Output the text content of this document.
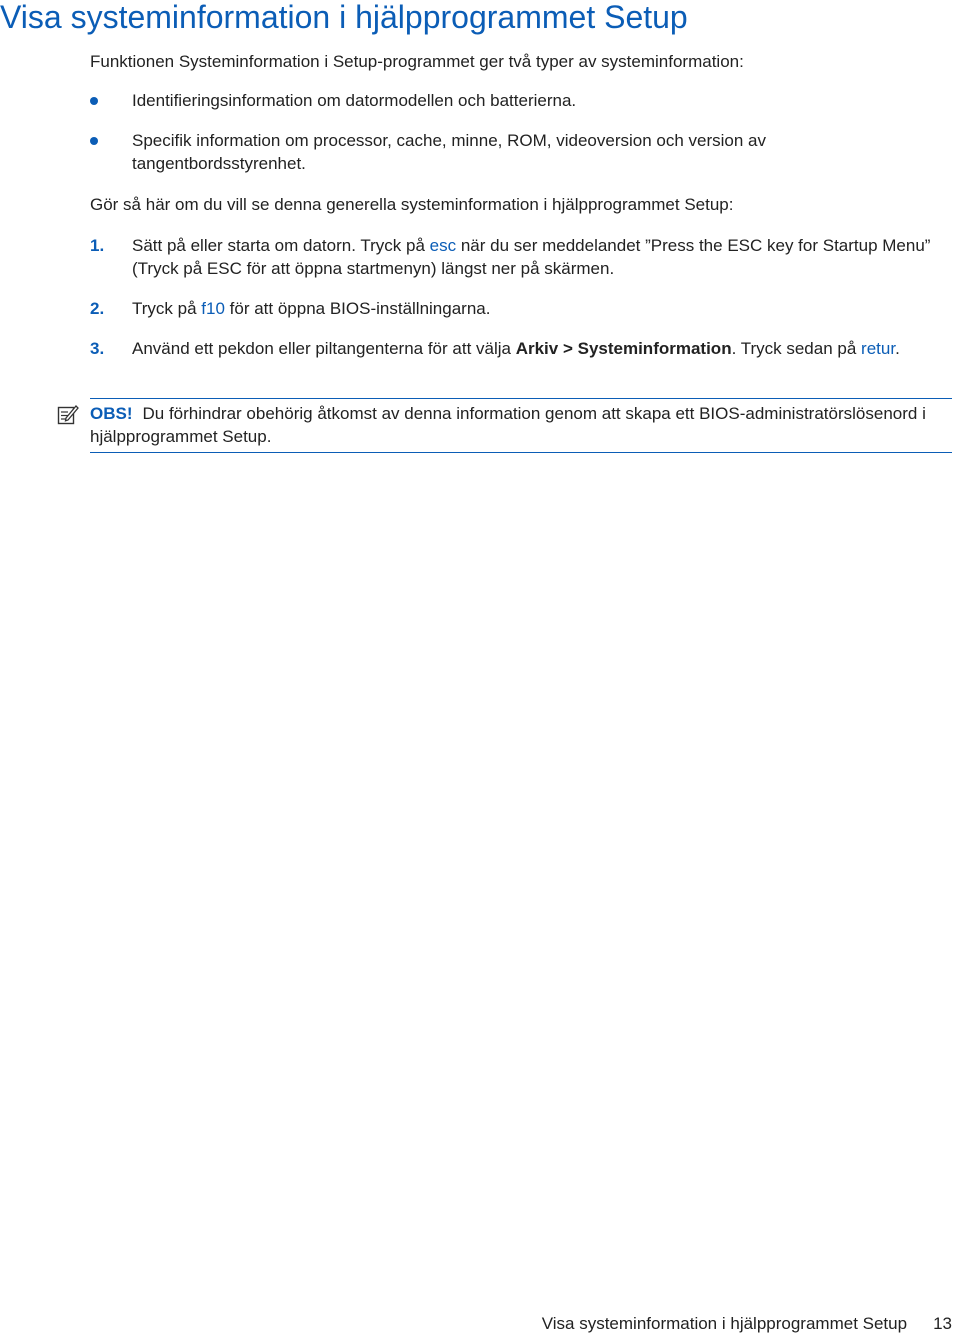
Visa systeminformation i hjälpprogrammet Setup
Funktionen Systeminformation i Setup-programmet ger två typer av systeminformation:
Identifieringsinformation om datormodellen och batterierna.
Specifik information om processor, cache, minne, ROM, videoversion och version av tangentbordsstyrenhet.
Gör så här om du vill se denna generella systeminformation i hjälpprogrammet Setup:
1. Sätt på eller starta om datorn. Tryck på esc när du ser meddelandet ”Press the ESC key for Startup Menu” (Tryck på ESC för att öppna startmenyn) längst ner på skärmen.
2. Tryck på f10 för att öppna BIOS-inställningarna.
3. Använd ett pekdon eller piltangenterna för att välja Arkiv > Systeminformation. Tryck sedan på retur.
OBS! Du förhindrar obehörig åtkomst av denna information genom att skapa ett BIOS-administratörslösenord i hjälpprogrammet Setup.
Visa systeminformation i hjälpprogrammet Setup 13
